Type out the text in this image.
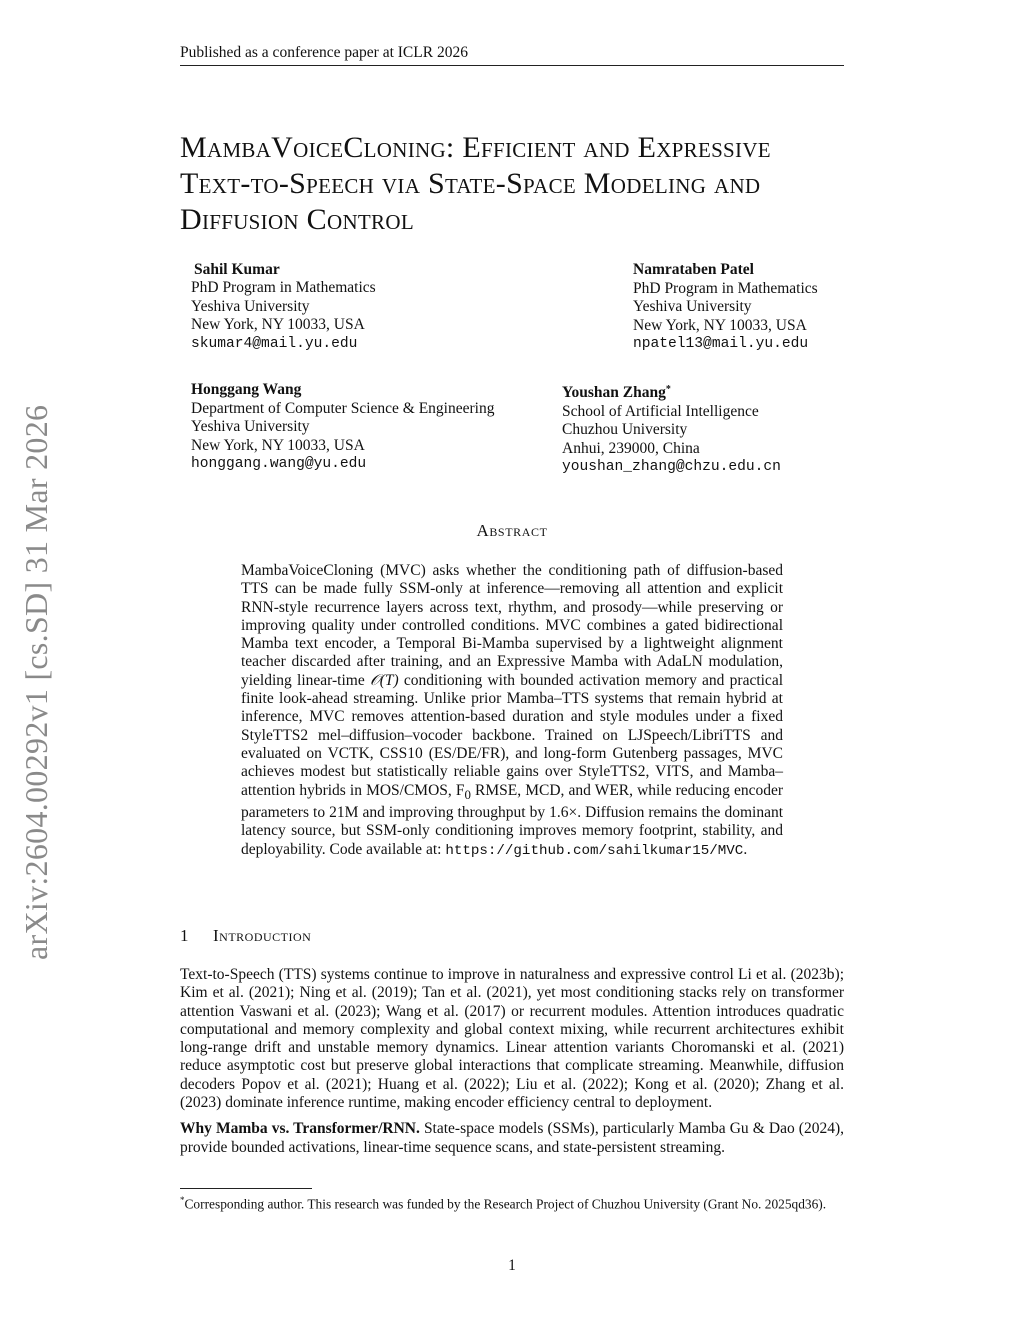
Published as a conference paper at ICLR 2026
arXiv:2604.00292v1 [cs.SD] 31 Mar 2026
MambaVoiceCloning: Efficient and Expressive
Text-to-Speech via State-Space Modeling and
Diffusion Control
Sahil Kumar
PhD Program in Mathematics
Yeshiva University
New York, NY 10033, USA
skumar4@mail.yu.edu
Namrataben Patel
PhD Program in Mathematics
Yeshiva University
New York, NY 10033, USA
npatel13@mail.yu.edu
Honggang Wang
Department of Computer Science & Engineering
Yeshiva University
New York, NY 10033, USA
honggang.wang@yu.edu
Youshan Zhang*
School of Artificial Intelligence
Chuzhou University
Anhui, 239000, China
youshan_zhang@chzu.edu.cn
Abstract
MambaVoiceCloning (MVC) asks whether the conditioning path of diffusion-based TTS can be made fully SSM-only at inference—removing all attention and explicit RNN-style recurrence layers across text, rhythm, and prosody—while preserving or improving quality under controlled conditions. MVC combines a gated bidirectional Mamba text encoder, a Temporal Bi-Mamba supervised by a lightweight alignment teacher discarded after training, and an Expressive Mamba with AdaLN modulation, yielding linear-time 𝒪(T) conditioning with bounded activation memory and practical finite look-ahead streaming. Unlike prior Mamba–TTS systems that remain hybrid at inference, MVC removes attention-based duration and style modules under a fixed StyleTTS2 mel–diffusion–vocoder backbone. Trained on LJSpeech/LibriTTS and evaluated on VCTK, CSS10 (ES/DE/FR), and long-form Gutenberg passages, MVC achieves modest but statistically reliable gains over StyleTTS2, VITS, and Mamba–attention hybrids in MOS/CMOS, $F_0$ RMSE, MCD, and WER, while reducing encoder parameters to 21M and improving throughput by 1.6×. Diffusion remains the dominant latency source, but SSM-only conditioning improves memory footprint, stability, and deployability. Code available at: https://github.com/sahilkumar15/MVC.
1 Introduction

Text-to-Speech (TTS) systems continue to improve in naturalness and expressive control Li et al. (2023b); Kim et al. (2021); Ning et al. (2019); Tan et al. (2021), yet most conditioning stacks rely on transformer attention Vaswani et al. (2023); Wang et al. (2017) or recurrent modules. Attention introduces quadratic computational and memory complexity and global context mixing, while recurrent architectures exhibit long-range drift and unstable memory dynamics. Linear attention variants Choromanski et al. (2021) reduce asymptotic cost but preserve global interactions that complicate streaming. Meanwhile, diffusion decoders Popov et al. (2021); Huang et al. (2022); Liu et al. (2022); Kong et al. (2020); Zhang et al. (2023) dominate inference runtime, making encoder efficiency central to deployment.

Why Mamba vs. Transformer/RNN. State-space models (SSMs), particularly Mamba Gu & Dao (2024), provide bounded activations, linear-time sequence scans, and state-persistent streaming.

*Corresponding author. This research was funded by the Research Project of Chuzhou University (Grant No. 2025qd36).
1
